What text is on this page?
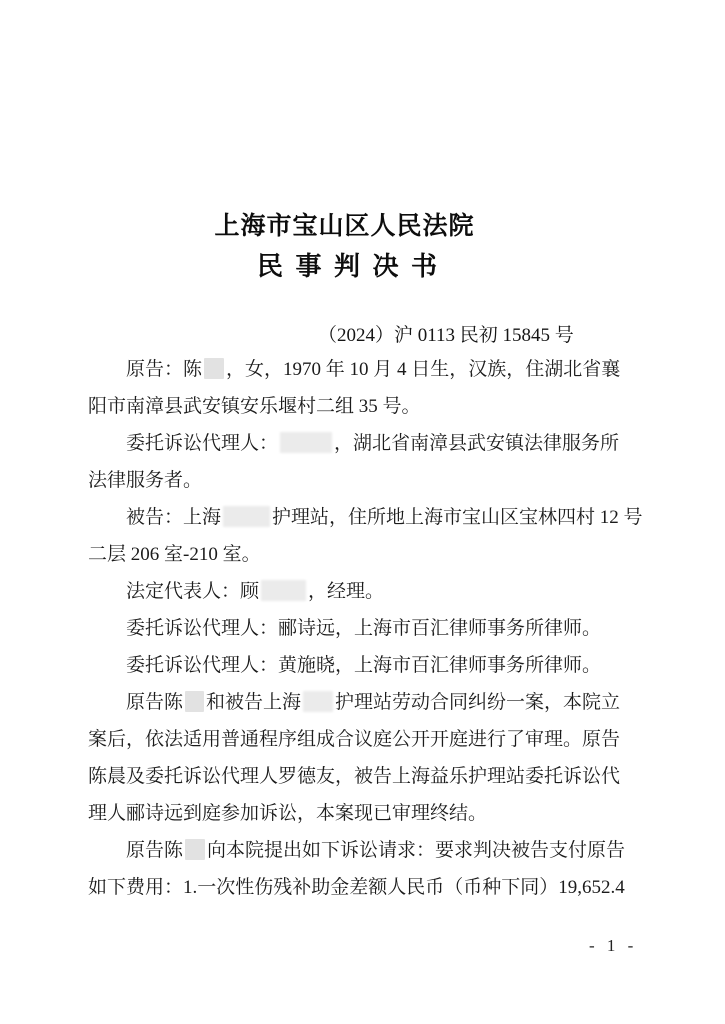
上海市宝山区人民法院
民 事 判 决 书
（2024）沪 0113 民初 15845 号
原告：陈 ，女，1970 年 10 月 4 日生，汉族，住湖北省襄
阳市南漳县武安镇安乐堰村二组 35 号。
委托诉讼代理人：	，湖北省南漳县武安镇法律服务所
法律服务者。
被告：上海	护理站，住所地上海市宝山区宝林四村 12 号
二层 206 室-210 室。
法定代表人：顾	，经理。
委托诉讼代理人：郦诗远，上海市百汇律师事务所律师。
委托诉讼代理人：黄施晓，上海市百汇律师事务所律师。
原告陈 和被告上海 护理站劳动合同纠纷一案，本院立
案后，依法适用普通程序组成合议庭公开开庭进行了审理。原告
陈晨及委托诉讼代理人罗德友，被告上海益乐护理站委托诉讼代
理人郦诗远到庭参加诉讼，本案现已审理终结。
原告陈 向本院提出如下诉讼请求：要求判决被告支付原告
如下费用：1.一次性伤残补助金差额人民币（币种下同）19,652.4
- 1 -
